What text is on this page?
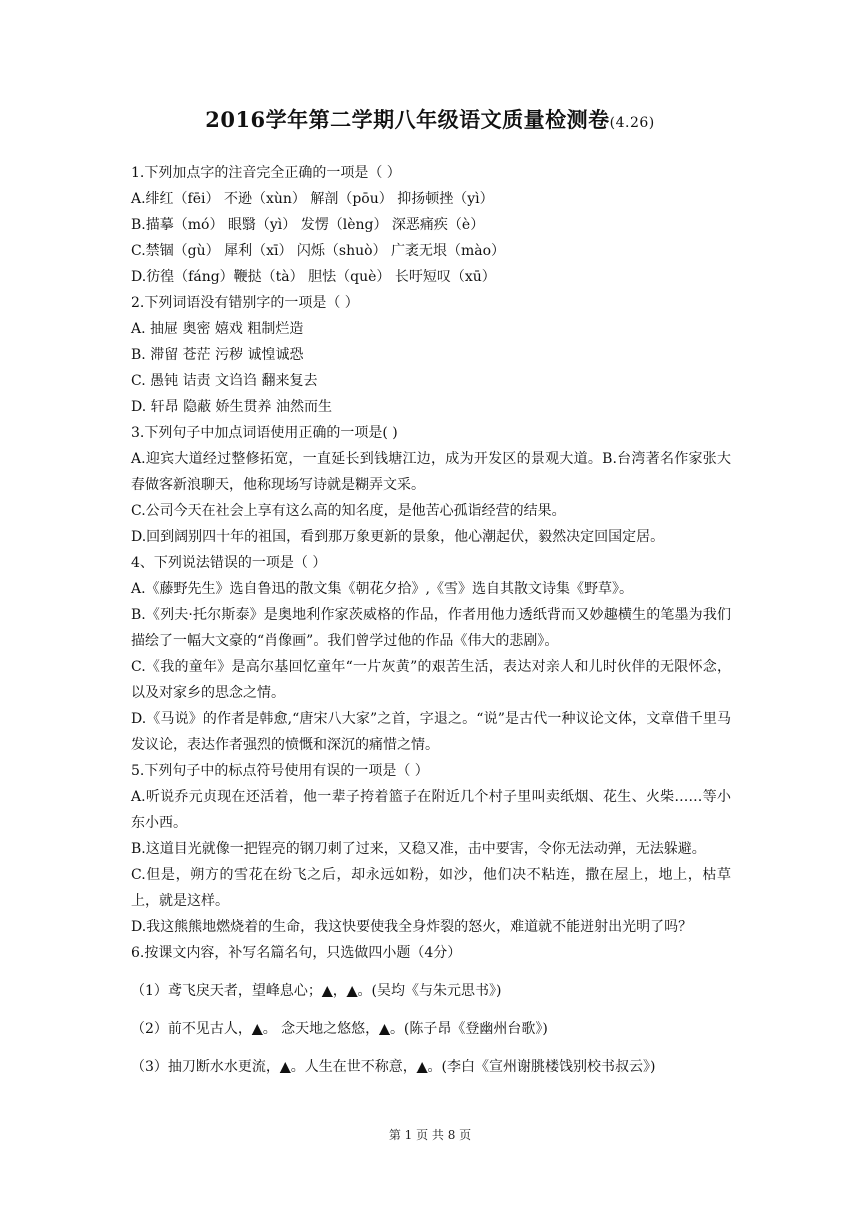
2016学年第二学期八年级语文质量检测卷(4.26)
1.下列加点字的注音完全正确的一项是（ ）
A.绯红（fēi） 不逊（xùn） 解剖（pōu） 抑扬顿挫（yì）
B.描摹（mó） 眼翳（yì） 发愣（lèng） 深恶痛疾（è）
C.禁锢（gù） 犀利（xī） 闪烁（shuò） 广袤无垠（mào）
D.彷徨（fáng）鞭挞（tà） 胆怯（què） 长吁短叹（xū）
2.下列词语没有错别字的一项是（ ）
A. 抽屉 奥密 嬉戏 粗制烂造
B. 滞留 苍茫 污秽 诚惶诚恐
C. 愚钝 诘责 文诌诌 翻来复去
D. 轩昂 隐蔽 娇生贯养 油然而生
3.下列句子中加点词语使用正确的一项是( )
A.迎宾大道经过整修拓宽，一直延长到钱塘江边，成为开发区的景观大道。B.台湾著名作家张大春做客新浪聊天，他称现场写诗就是糊弄文采。
C.公司今天在社会上享有这么高的知名度，是他苦心孤诣经营的结果。
D.回到阔别四十年的祖国，看到那万象更新的景象，他心潮起伏，毅然决定回国定居。
4、下列说法错误的一项是（ ）
A.《藤野先生》选自鲁迅的散文集《朝花夕拾》,《雪》选自其散文诗集《野草》。
B.《列夫·托尔斯泰》是奥地利作家茨威格的作品，作者用他力透纸背而又妙趣横生的笔墨为我们描绘了一幅大文豪的“肖像画”。我们曾学过他的作品《伟大的悲剧》。
C.《我的童年》是高尔基回忆童年“一片灰黄”的艰苦生活，表达对亲人和儿时伙伴的无限怀念，以及对家乡的思念之情。
D.《马说》的作者是韩愈,“唐宋八大家”之首，字退之。“说”是古代一种议论文体，文章借千里马发议论，表达作者强烈的愤慨和深沉的痛惜之情。
5.下列句子中的标点符号使用有误的一项是（ ）
A.听说乔元贞现在还活着，他一辈子挎着篮子在附近几个村子里叫卖纸烟、花生、火柴……等小东小西。
B.这道目光就像一把锃亮的钢刀刺了过来，又稳又准，击中要害，令你无法动弹，无法躲避。
C.但是，朔方的雪花在纷飞之后，却永远如粉，如沙，他们决不粘连，撒在屋上，地上，枯草上，就是这样。
D.我这熊熊地燃烧着的生命，我这快要使我全身炸裂的怒火，难道就不能迸射出光明了吗？
6.按课文内容，补写名篇名句，只选做四小题（4分）
（1）鸢飞戾天者，望峰息心；▲，▲。(吴均《与朱元思书》)
（2）前不见古人，▲。 念天地之悠悠，▲。(陈子昂《登幽州台歌》)
（3）抽刀断水水更流，▲。人生在世不称意，▲。(李白《宣州谢朓楼饯别校书叔云》)
第 1 页 共 8 页
